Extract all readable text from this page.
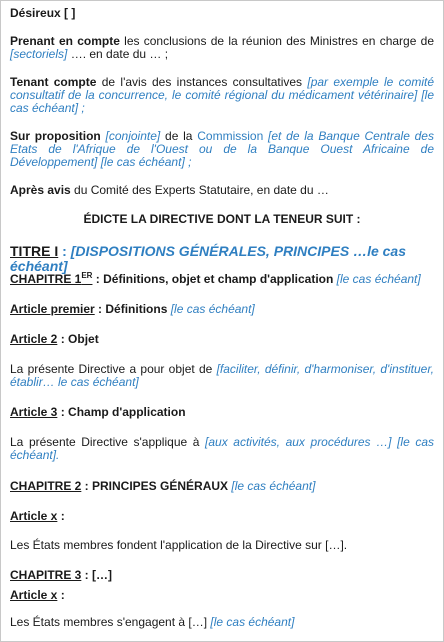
Désireux [ ]
Prenant en compte les conclusions de la réunion des Ministres en charge de [sectoriels] …. en date du … ;
Tenant compte de l'avis des instances consultatives [par exemple le comité consultatif de la concurrence, le comité régional du médicament vétérinaire] [le cas échéant] ;
Sur proposition [conjointe] de la Commission [et de la Banque Centrale des Etats de l'Afrique de l'Ouest ou de la Banque Ouest Africaine de Développement] [le cas échéant] ;
Après avis du Comité des Experts Statutaire, en date du …
ÉDICTE LA DIRECTIVE DONT LA TENEUR SUIT :
TITRE I : [DISPOSITIONS GÉNÉRALES, PRINCIPES …le cas échéant]
CHAPITRE 1ER : Définitions, objet et champ d'application [le cas échéant]
Article premier : Définitions [le cas échéant]
Article 2 : Objet
La présente Directive a pour objet de [faciliter, définir, d'harmoniser, d'instituer, établir… le cas échéant]
Article 3 : Champ d'application
La présente Directive s'applique à [aux activités, aux procédures …] [le cas échéant].
CHAPITRE 2 : PRINCIPES GÉNÉRAUX [le cas échéant]
Article x :
Les États membres fondent l'application de la Directive sur […].
CHAPITRE 3 : […]
Article x :
Les États membres s'engagent à […] [le cas échéant]
